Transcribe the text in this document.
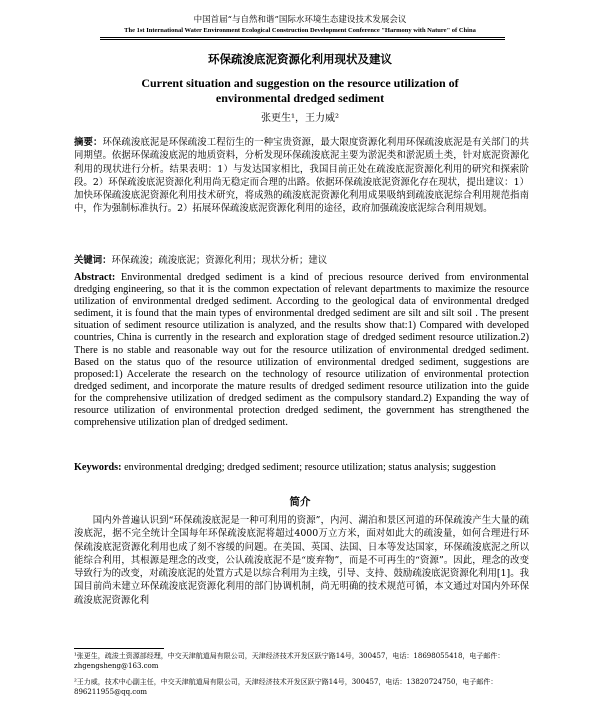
中国首届“与自然和谐”国际水环境生态建设技术发展会议
The 1st International Water Environment Ecological Construction Development Conference "Harmony with Nature" of China
环保疏浚底泥资源化利用现状及建议
Current situation and suggestion on the resource utilization of environmental dredged sediment
张更生¹，王力威²

摘要：环保疏浚底泥是环保疏浚工程衍生的一种宝贵资源，最大限度资源化利用环保疏浚底泥是有关部门的共同期望。依据环保疏浚底泥的地质资料，分析发现环保疏浚底泥主要为淤泥类和淤泥质土类，针对底泥资源化利用的现状进行分析。结果表明：1）与发达国家相比，我国目前正处在疏浚底泥资源化利用的研究和探索阶段。2）环保疏浚底泥资源化利用尚无稳定而合理的出路。依据环保疏浚底泥资源化存在现状，提出建议：1）加快环保疏浚底泥资源化利用技术研究，将成熟的疏浚底泥资源化利用成果吸纳到疏浚底泥综合利用规范指南中，作为强制标准执行。2）拓展环保疏浚底泥资源化利用的途径，政府加强疏浚底泥综合利用规划。

关键词：环保疏浚；疏浚底泥；资源化利用；现状分析；建议

Abstract: Environmental dredged sediment is a kind of precious resource derived from environmental dredging engineering, so that it is the common expectation of relevant departments to maximize the resource utilization of environmental dredged sediment. According to the geological data of environmental dredged sediment, it is found that the main types of environmental dredged sediment are silt and silt soil . The present situation of sediment resource utilization is analyzed, and the results show that:1) Compared with developed countries, China is currently in the research and exploration stage of dredged sediment resource utilization.2) There is no stable and reasonable way out for the resource utilization of environmental dredged sediment. Based on the status quo of the resource utilization of environmental dredged sediment, suggestions are proposed:1) Accelerate the research on the technology of resource utilization of environmental protection dredged sediment, and incorporate the mature results of dredged sediment resource utilization into the guide for the comprehensive utilization of dredged sediment as the compulsory standard.2) Expanding the way of resource utilization of environmental protection dredged sediment, the government has strengthened the comprehensive utilization plan of dredged sediment.

Keywords: environmental dredging; dredged sediment; resource utilization; status analysis; suggestion

简介

国内外普遍认识到“环保疏浚底泥是一种可利用的资源”，内河、湖泊和景区河道的环保疏浚产生大量的疏浚底泥，据不完全统计全国每年环保疏浚底泥将超过4000万立方米，面对如此大的疏浚量，如何合理进行环保疏浚底泥资源化利用也成了刻不容缓的问题。在美国、英国、法国、日本等发达国家，环保疏浚底泥之所以能综合利用，其根源是理念的改变，公认疏浚底泥不是“废弃物”，而是不可再生的“资源”。因此，理念的改变导致行为的改变，对疏浚底泥的处置方式是以综合利用为主线，引导、支持、鼓励疏浚底泥资源化利用[1]。我国目前尚未建立环保疏浚底泥资源化利用的部门协调机制，尚无明确的技术规范可循，本文通过对国内外环保疏浚底泥资源化利

¹张更生，疏浚土资源部经理，中交天津航道局有限公司，天津经济技术开发区跃宁路14号，300457，电话：18698055418，电子邮件：zhgengsheng@163.com

²王力威，技术中心副主任，中交天津航道局有限公司，天津经济技术开发区跃宁路14号，300457，电话：13820724750，电子邮件：896211955@qq.com
